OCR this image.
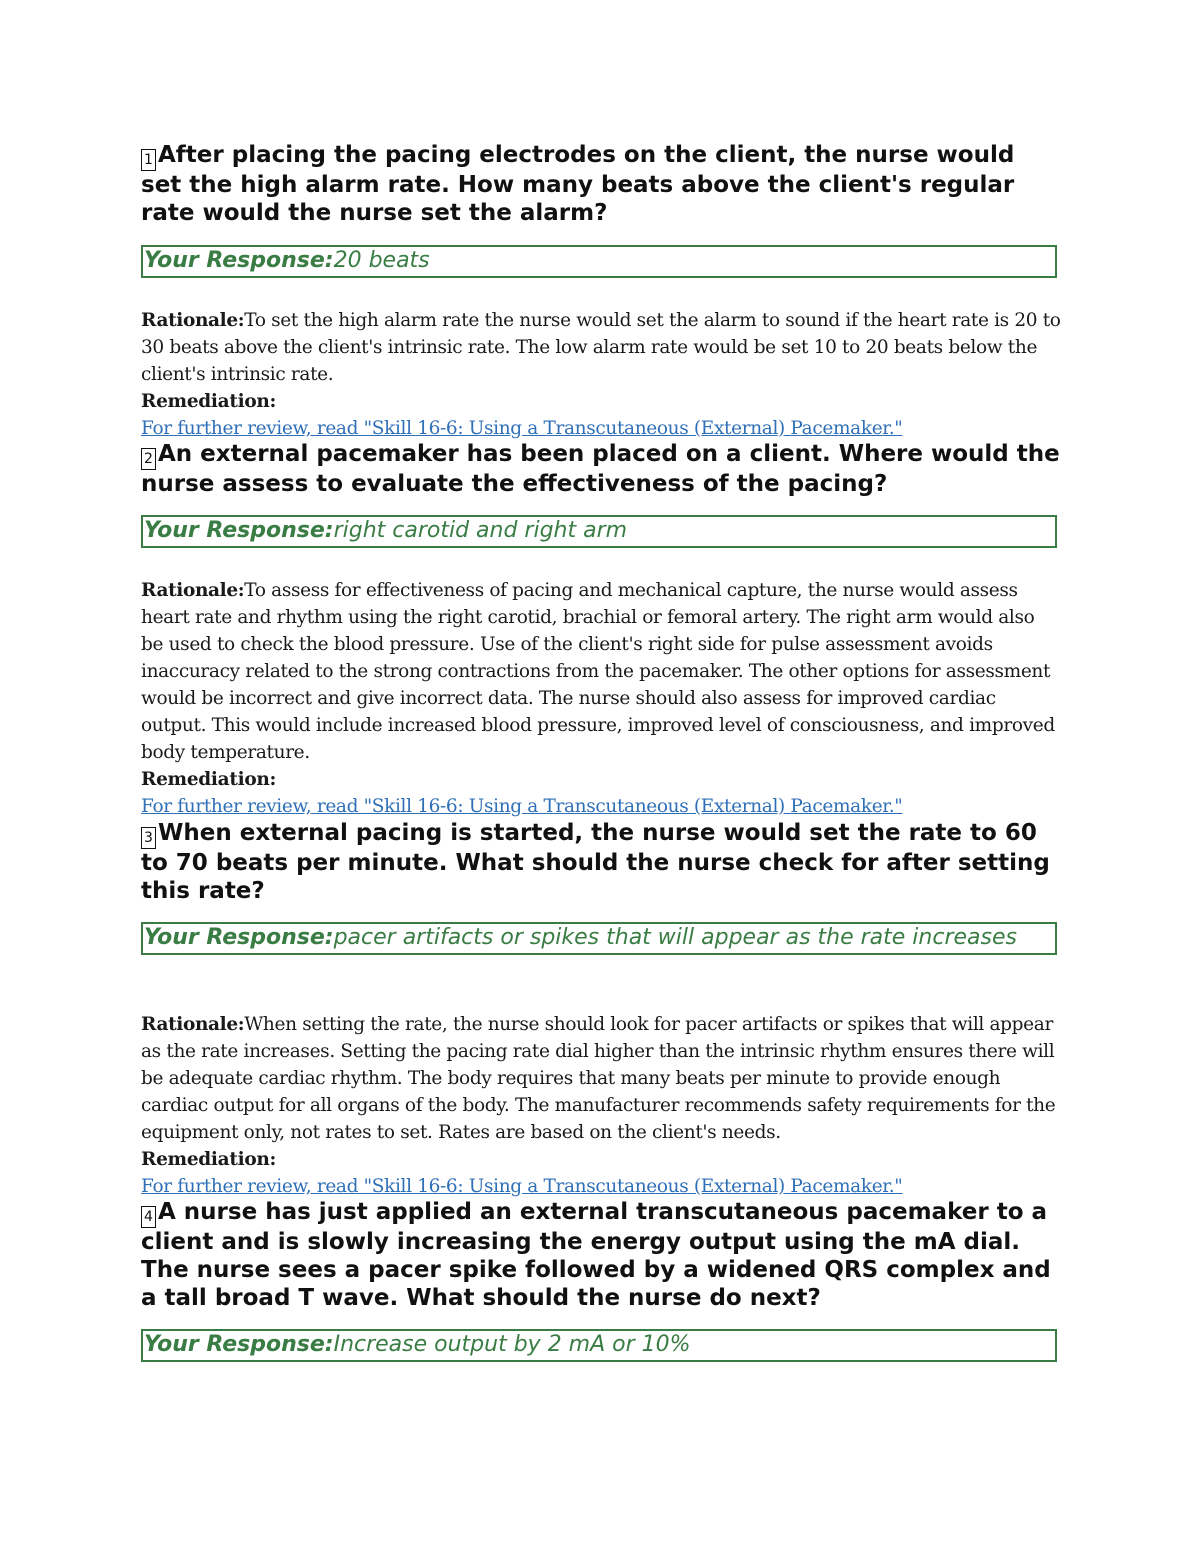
1 After placing the pacing electrodes on the client, the nurse would set the high alarm rate. How many beats above the client's regular rate would the nurse set the alarm?

Your Response:20 beats

Rationale:To set the high alarm rate the nurse would set the alarm to sound if the heart rate is 20 to 30 beats above the client's intrinsic rate. The low alarm rate would be set 10 to 20 beats below the client's intrinsic rate.

Remediation:

For further review, read "Skill 16-6: Using a Transcutaneous (External) Pacemaker."

2 An external pacemaker has been placed on a client. Where would the nurse assess to evaluate the effectiveness of the pacing?

Your Response:right carotid and right arm

Rationale:To assess for effectiveness of pacing and mechanical capture, the nurse would assess heart rate and rhythm using the right carotid, brachial or femoral artery. The right arm would also be used to check the blood pressure. Use of the client's right side for pulse assessment avoids inaccuracy related to the strong contractions from the pacemaker. The other options for assessment would be incorrect and give incorrect data. The nurse should also assess for improved cardiac output. This would include increased blood pressure, improved level of consciousness, and improved body temperature.

Remediation:

For further review, read "Skill 16-6: Using a Transcutaneous (External) Pacemaker."

3 When external pacing is started, the nurse would set the rate to 60 to 70 beats per minute. What should the nurse check for after setting this rate?

Your Response:pacer artifacts or spikes that will appear as the rate increases

Rationale:When setting the rate, the nurse should look for pacer artifacts or spikes that will appear as the rate increases. Setting the pacing rate dial higher than the intrinsic rhythm ensures there will be adequate cardiac rhythm. The body requires that many beats per minute to provide enough cardiac output for all organs of the body. The manufacturer recommends safety requirements for the equipment only, not rates to set. Rates are based on the client's needs.

Remediation:

For further review, read "Skill 16-6: Using a Transcutaneous (External) Pacemaker."

4 A nurse has just applied an external transcutaneous pacemaker to a client and is slowly increasing the energy output using the mA dial. The nurse sees a pacer spike followed by a widened QRS complex and a tall broad T wave. What should the nurse do next?

Your Response:Increase output by 2 mA or 10%
